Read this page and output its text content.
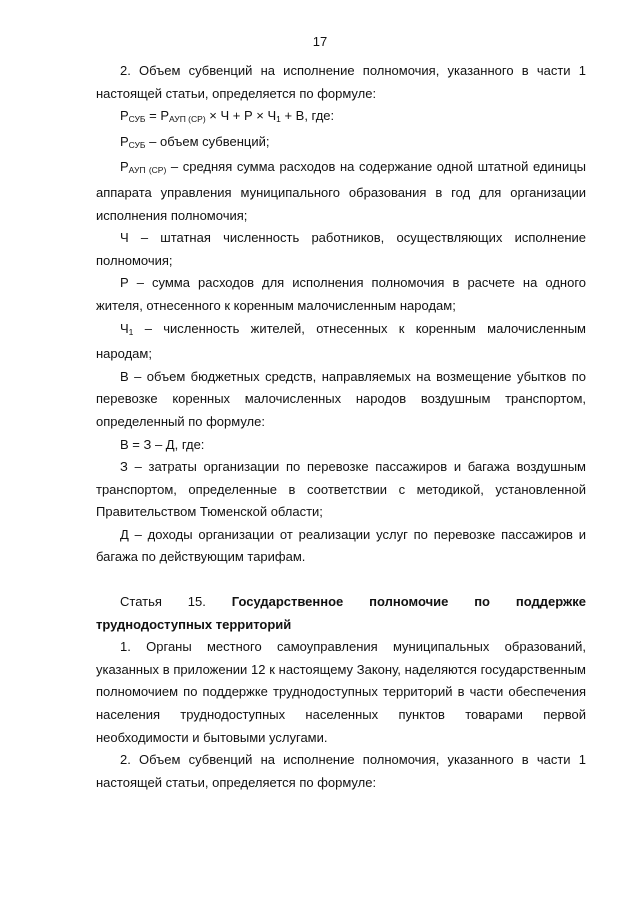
17

2. Объем субвенций на исполнение полномочия, указанного в части 1 настоящей статьи, определяется по формуле:

$P_{СУБ} = P_{АУП (СР)} \times Ч + Р \times Ч_1 + В$, где:

$P_{СУБ}$ – объем субвенций;

$P_{АУП (СР)}$ – средняя сумма расходов на содержание одной штатной единицы аппарата управления муниципального образования в год для организации исполнения полномочия;

Ч – штатная численность работников, осуществляющих исполнение полномочия;

Р – сумма расходов для исполнения полномочия в расчете на одного жителя, отнесенного к коренным малочисленным народам;

$Ч_1$ – численность жителей, отнесенных к коренным малочисленным народам;

В – объем бюджетных средств, направляемых на возмещение убытков по перевозке коренных малочисленных народов воздушным транспортом, определенный по формуле:

В = З – Д, где:

З – затраты организации по перевозке пассажиров и багажа воздушным транспортом, определенные в соответствии с методикой, установленной Правительством Тюменской области;

Д – доходы организации от реализации услуг по перевозке пассажиров и багажа по действующим тарифам.

Статья 15. Государственное полномочие по поддержке
труднодоступных территорий

1. Органы местного самоуправления муниципальных образований, указанных в приложении 12 к настоящему Закону, наделяются государственным полномочием по поддержке труднодоступных территорий в части обеспечения населения труднодоступных населенных пунктов товарами первой необходимости и бытовыми услугами.

2. Объем субвенций на исполнение полномочия, указанного в части 1 настоящей статьи, определяется по формуле:
